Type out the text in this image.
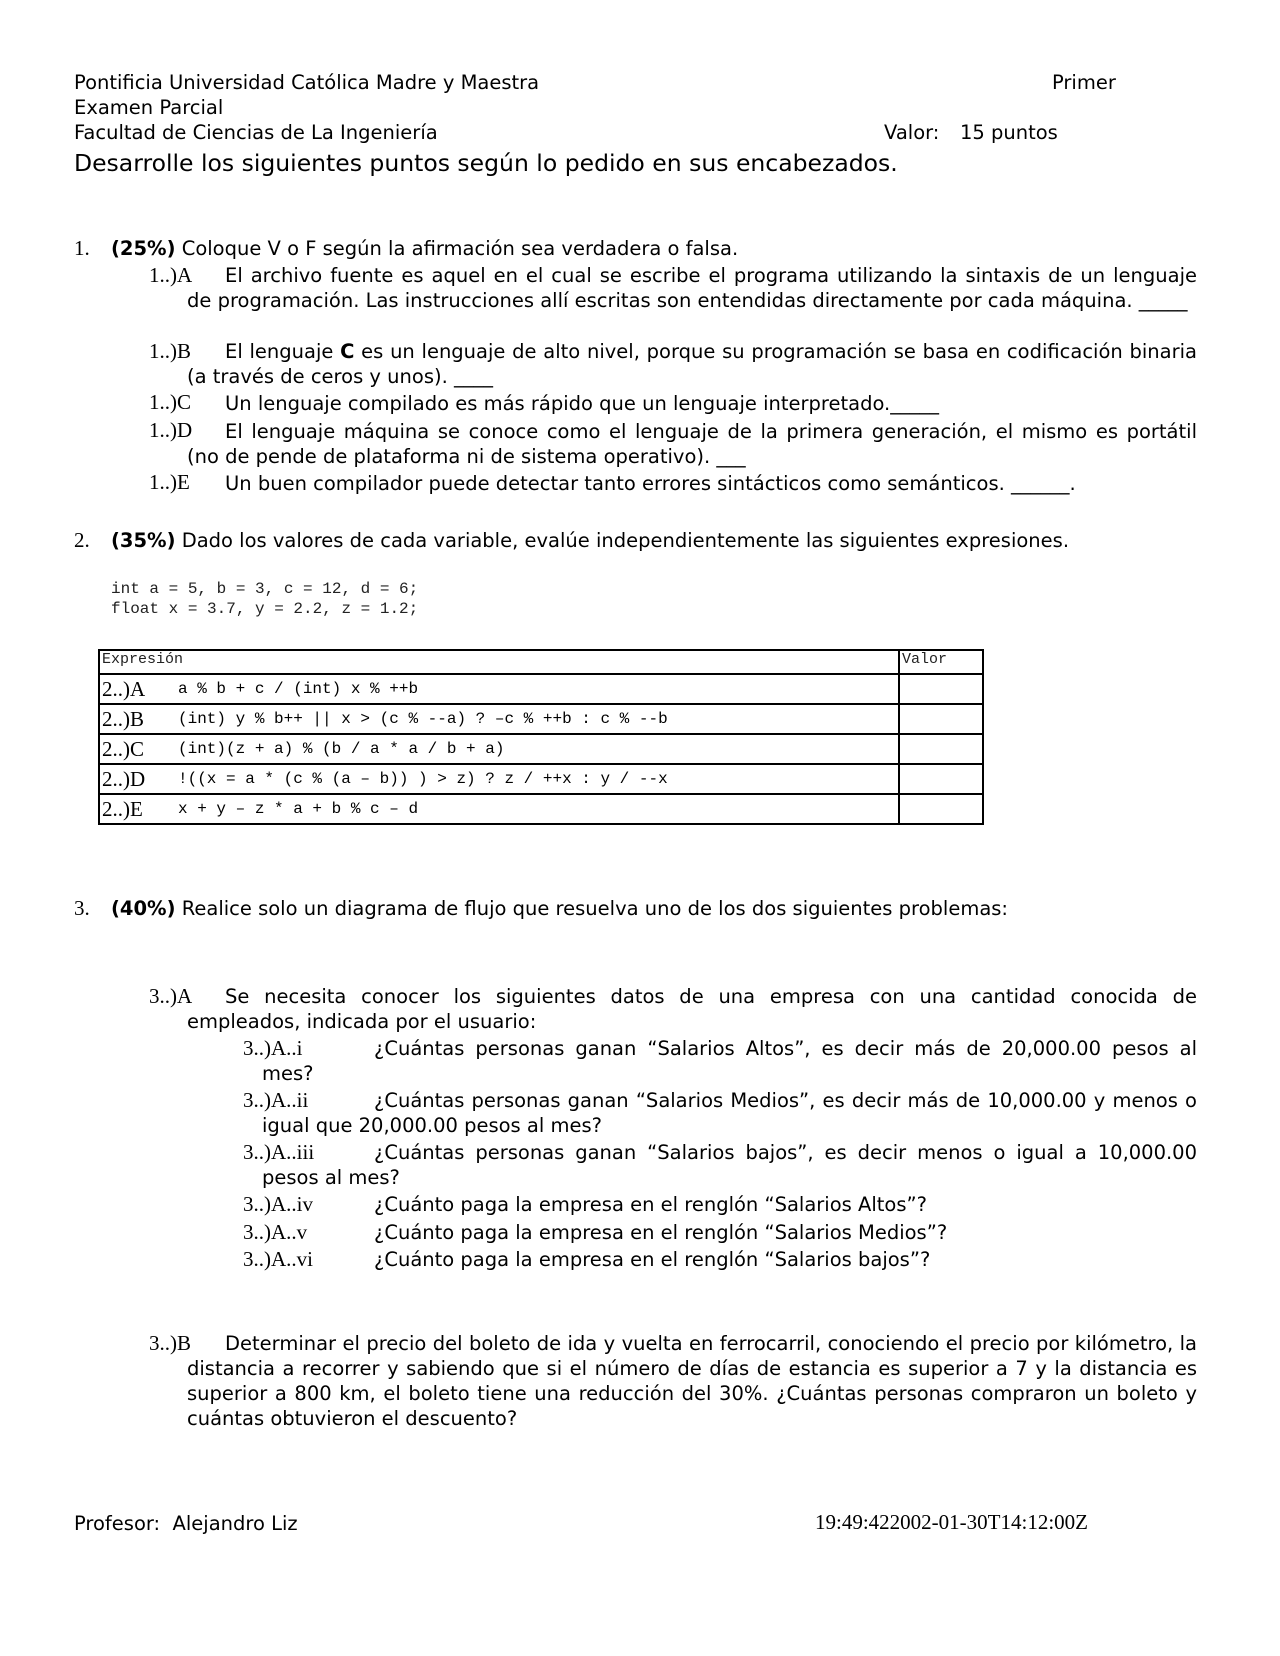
Pontificia Universidad Católica Madre y Maestra	Primer
Examen Parcial
Facultad de Ciencias de La Ingeniería	Valor: 15 puntos
Desarrolle los siguientes puntos según lo pedido en sus encabezados.
1. (25%) Coloque V o F según la afirmación sea verdadera o falsa.
1..)A	El archivo fuente es aquel en el cual se escribe el programa utilizando la sintaxis de un lenguaje de programación. Las instrucciones allí escritas son entendidas directamente por cada máquina. _____
1..)B	El lenguaje C es un lenguaje de alto nivel, porque su programación se basa en codificación binaria (a través de ceros y unos). ____
1..)C Un lenguaje compilado es más rápido que un lenguaje interpretado._____
1..)D	El lenguaje máquina se conoce como el lenguaje de la primera generación, el mismo es portátil (no de pende de plataforma ni de sistema operativo). ___
1..)E Un buen compilador puede detectar tanto errores sintácticos como semánticos. ______.
2. (35%) Dado los valores de cada variable, evalúe independientemente las siguientes expresiones.
int a = 5, b = 3, c = 12, d = 6;
float x = 3.7, y = 2.2, z = 1.2;
Expresión		Valor
2..)A	a % b + c / (int) x % ++b	
2..)B	(int) y % b++ || x > (c % --a) ? –c % ++b : c % --b	
2..)C	(int)(z + a) % (b / a * a / b + a)	
2..)D	!((x = a * (c % (a – b)) ) > z) ? z / ++x : y / --x	
2..)E	x + y – z * a + b % c – d	
3. (40%) Realice solo un diagrama de flujo que resuelva uno de los dos siguientes problemas:
3..)A	Se necesita conocer los siguientes datos de una empresa con una cantidad conocida de empleados, indicada por el usuario:
3..)A..i	¿Cuántas personas ganan “Salarios Altos”, es decir más de 20,000.00 pesos al mes?
3..)A..ii	¿Cuántas personas ganan “Salarios Medios”, es decir más de 10,000.00 y menos o igual que 20,000.00 pesos al mes?
3..)A..iii	¿Cuántas personas ganan “Salarios bajos”, es decir menos o igual a 10,000.00 pesos al mes?
3..)A..iv	¿Cuánto paga la empresa en el renglón “Salarios Altos”?
3..)A..v	¿Cuánto paga la empresa en el renglón “Salarios Medios”?
3..)A..vi	¿Cuánto paga la empresa en el renglón “Salarios bajos”?
3..)B	Determinar el precio del boleto de ida y vuelta en ferrocarril, conociendo el precio por kilómetro, la distancia a recorrer y sabiendo que si el número de días de estancia es superior a 7 y la distancia es superior a 800 km, el boleto tiene una reducción del 30%. ¿Cuántas personas compraron un boleto y cuántas obtuvieron el descuento?
Profesor: Alejandro Liz	19:49:422002-01-30T14:12:00Z
